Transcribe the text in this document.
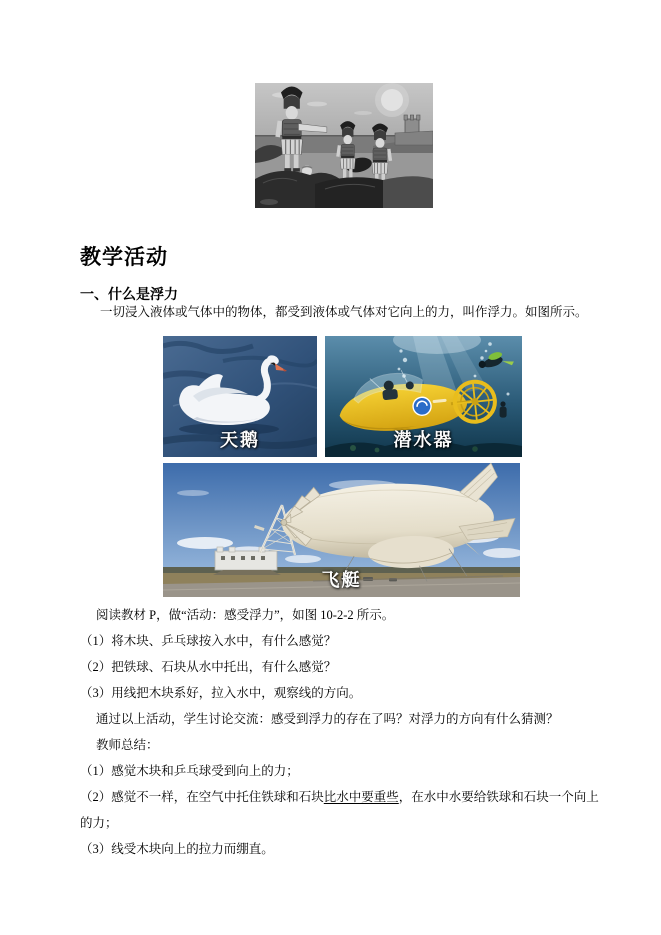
教学活动
一、什么是浮力
一切浸入液体或气体中的物体，都受到液体或气体对它向上的力，叫作浮力。如图所示。
天鹅	潜水器
飞艇

阅读教材 P，做“活动：感受浮力”，如图 10-2-2 所示。

（1）将木块、乒乓球按入水中，有什么感觉？

（2）把铁球、石块从水中托出，有什么感觉？

（3）用线把木块系好，拉入水中，观察线的方向。

通过以上活动，学生讨论交流：感受到浮力的存在了吗？对浮力的方向有什么猜测？

教师总结：

（1）感觉木块和乒乓球受到向上的力；

（2）感觉不一样，在空气中托住铁球和石块比水中要重些，在水中水要给铁球和石块一个向上的力；

（3）线受木块向上的拉力而绷直。
